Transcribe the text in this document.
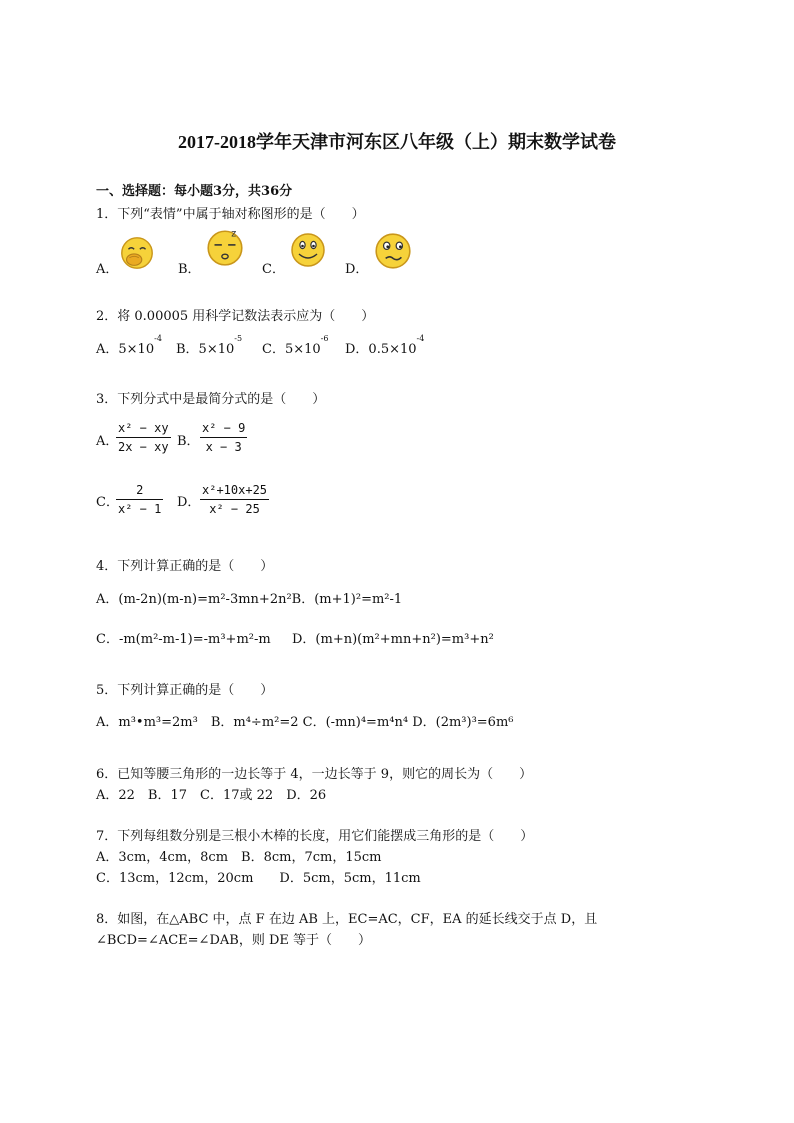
2017-2018学年天津市河东区八年级（上）期末数学试卷
一、选择题：每小题3分，共36分
1．下列“表情”中属于轴对称图形的是（　　）
A．	B．
z
C．	D．
2．将 0.00005 用科学记数法表示应为（　　）
A．$5\times 10^{-4}$
B．$5\times 10^{-5}$
C．$5\times 10^{-6}$
D．$0.5\times 10^{-4}$
3．下列分式中是最简分式的是（　　）
A．
$\frac{\text{x² − xy}}{2x - xy}$ B． $\frac{\text{x² − 9}}{x - 3}$
C．
$\frac{2}{\text{x² − 1}}$ D． $\frac{\text{x²+10x+25}}{\text{x² − 25}}$
4．下列计算正确的是（　　）
A．(m-2n)(m-n)=m²-3mn+2n²B．(m+1)²=m²-1
C．-m(m²-m-1)=-m³+m²-m D．(m+n)(m²+mn+n²)=m³+n²
5．下列计算正确的是（　　）
A．m³•m³=2m³　B．m⁴÷m²=2 C．(-mn)⁴=m⁴n⁴ D．(2m³)³=6m⁶
6．已知等腰三角形的一边长等于 4，一边长等于 9，则它的周长为（　　）
A．22　B．17　C．17或 22　D．26
7．下列每组数分别是三根小木棒的长度，用它们能摆成三角形的是（　　）
A．3cm，4cm，8cm　B．8cm，7cm，15cm
C．13cm，12cm，20cm　　D．5cm，5cm，11cm
8．如图，在△ABC 中，点 F 在边 AB 上，EC=AC，CF，EA 的延长线交于点 D，且
∠BCD=∠ACE=∠DAB，则 DE 等于（　　）
